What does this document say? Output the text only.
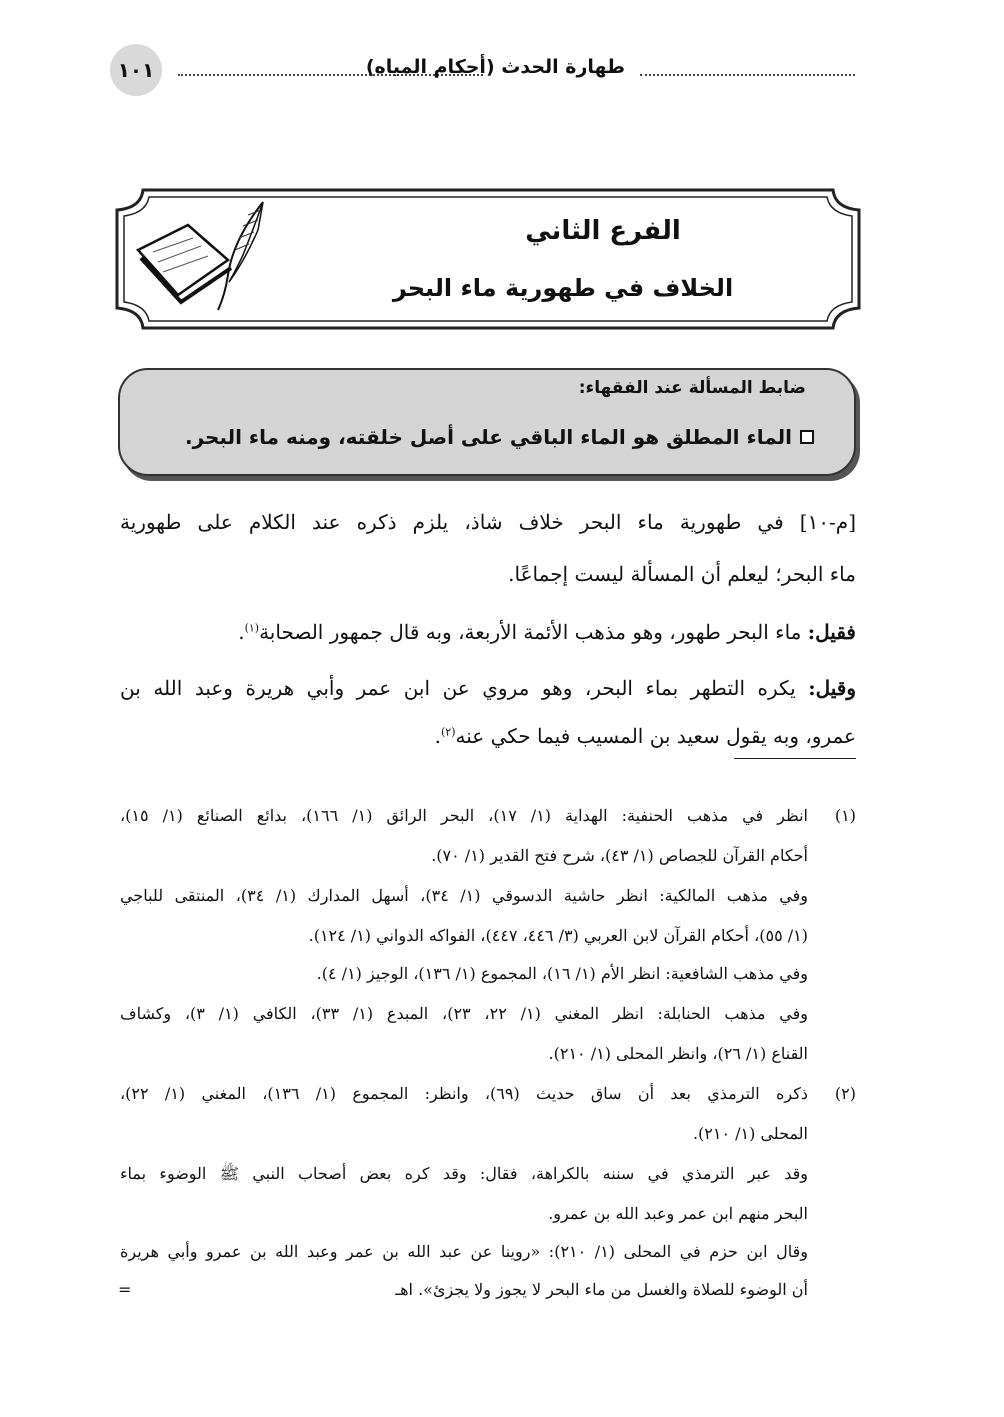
١٠١	طهارة الحدث (أحكام المياه)
الفرع الثاني
الخلاف في طهورية ماء البحر
ضابط المسألة عند الفقهاء:
الماء المطلق هو الماء الباقي على أصل خلقته، ومنه ماء البحر.
[م-١٠] في طهورية ماء البحر خلاف شاذ، يلزم ذكره عند الكلام على طهورية
ماء البحر؛ ليعلم أن المسألة ليست إجماعًا.
فقيل: ماء البحر طهور، وهو مذهب الأئمة الأربعة، وبه قال جمهور الصحابة$^{(١)}$.
وقيل: يكره التطهر بماء البحر، وهو مروي عن ابن عمر وأبي هريرة وعبد الله بن
عمرو، وبه يقول سعيد بن المسيب فيما حكي عنه$^{(٢)}$.
(١)
انظر في مذهب الحنفية: الهداية (١/ ١٧)، البحر الرائق (١/ ١٦٦)، بدائع الصنائع (١/ ١٥)،
أحكام القرآن للجصاص (١/ ٤٣)، شرح فتح القدير (١/ ٧٠).
وفي مذهب المالكية: انظر حاشية الدسوقي (١/ ٣٤)، أسهل المدارك (١/ ٣٤)، المنتقى للباجي
(١/ ٥٥)، أحكام القرآن لابن العربي (٣/ ٤٤٦، ٤٤٧)، الفواكه الدواني (١/ ١٢٤).
وفي مذهب الشافعية: انظر الأم (١/ ١٦)، المجموع (١/ ١٣٦)، الوجيز (١/ ٤).
وفي مذهب الحنابلة: انظر المغني (١/ ٢٢، ٢٣)، المبدع (١/ ٣٣)، الكافي (١/ ٣)، وكشاف
القناع (١/ ٢٦)، وانظر المحلى (١/ ٢١٠).
(٢)
ذكره الترمذي بعد أن ساق حديث (٦٩)، وانظر: المجموع (١/ ١٣٦)، المغني (١/ ٢٢)،
المحلى (١/ ٢١٠).
وقد عبر الترمذي في سننه بالكراهة، فقال: وقد كره بعض أصحاب النبي ﷺ الوضوء بماء
البحر منهم ابن عمر وعبد الله بن عمرو.
وقال ابن حزم في المحلى (١/ ٢١٠): «روينا عن عبد الله بن عمر وعبد الله بن عمرو وأبي هريرة
أن الوضوء للصلاة والغسل من ماء البحر لا يجوز ولا يجزئ». اهـ
=
